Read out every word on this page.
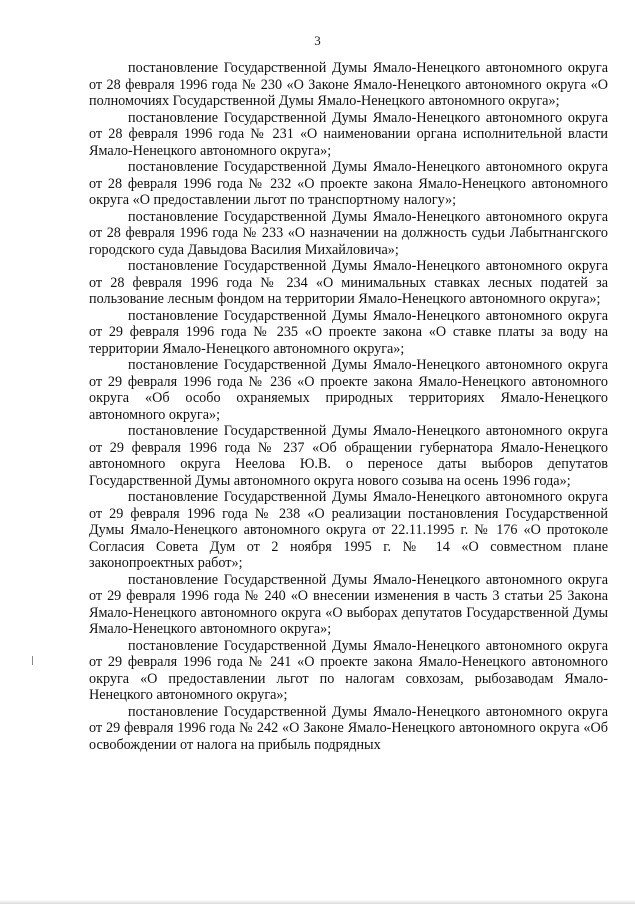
3

постановление Государственной Думы Ямало-Ненецкого автономного округа от 28 февраля 1996 года № 230 «О Законе Ямало-Ненецкого автономного округа «О полномочиях Государственной Думы Ямало-Ненецкого автономного округа»;

постановление Государственной Думы Ямало-Ненецкого автономного округа от 28 февраля 1996 года № 231 «О наименовании органа исполнительной власти Ямало-Ненецкого автономного округа»;

постановление Государственной Думы Ямало-Ненецкого автономного округа от 28 февраля 1996 года № 232 «О проекте закона Ямало-Ненецкого автономного округа «О предоставлении льгот по транспортному налогу»;

постановление Государственной Думы Ямало-Ненецкого автономного округа от 28 февраля 1996 года № 233 «О назначении на должность судьи Лабытнангского городского суда Давыдова Василия Михайловича»;

постановление Государственной Думы Ямало-Ненецкого автономного округа от 28 февраля 1996 года № 234 «О минимальных ставках лесных податей за пользование лесным фондом на территории Ямало-Ненецкого автономного округа»;

постановление Государственной Думы Ямало-Ненецкого автономного округа от 29 февраля 1996 года № 235 «О проекте закона «О ставке платы за воду на территории Ямало-Ненецкого автономного округа»;

постановление Государственной Думы Ямало-Ненецкого автономного округа от 29 февраля 1996 года № 236 «О проекте закона Ямало-Ненецкого автономного округа «Об особо охраняемых природных территориях Ямало-Ненецкого автономного округа»;

постановление Государственной Думы Ямало-Ненецкого автономного округа от 29 февраля 1996 года № 237 «Об обращении губернатора Ямало-Ненецкого автономного округа Неелова Ю.В. о переносе даты выборов депутатов Государственной Думы автономного округа нового созыва на осень 1996 года»;

постановление Государственной Думы Ямало-Ненецкого автономного округа от 29 февраля 1996 года № 238 «О реализации постановления Государственной Думы Ямало-Ненецкого автономного округа от 22.11.1995 г. № 176 «О протоколе Согласия Совета Дум от 2 ноября 1995 г. № 14 «О совместном плане законопроектных работ»;

постановление Государственной Думы Ямало-Ненецкого автономного округа от 29 февраля 1996 года № 240 «О внесении изменения в часть 3 статьи 25 Закона Ямало-Ненецкого автономного округа «О выборах депутатов Государственной Думы Ямало-Ненецкого автономного округа»;

постановление Государственной Думы Ямало-Ненецкого автономного округа от 29 февраля 1996 года № 241 «О проекте закона Ямало-Ненецкого автономного округа «О предоставлении льгот по налогам совхозам, рыбозаводам Ямало-Ненецкого автономного округа»;

постановление Государственной Думы Ямало-Ненецкого автономного округа от 29 февраля 1996 года № 242 «О Законе Ямало-Ненецкого автономного округа «Об освобождении от налога на прибыль подрядных
